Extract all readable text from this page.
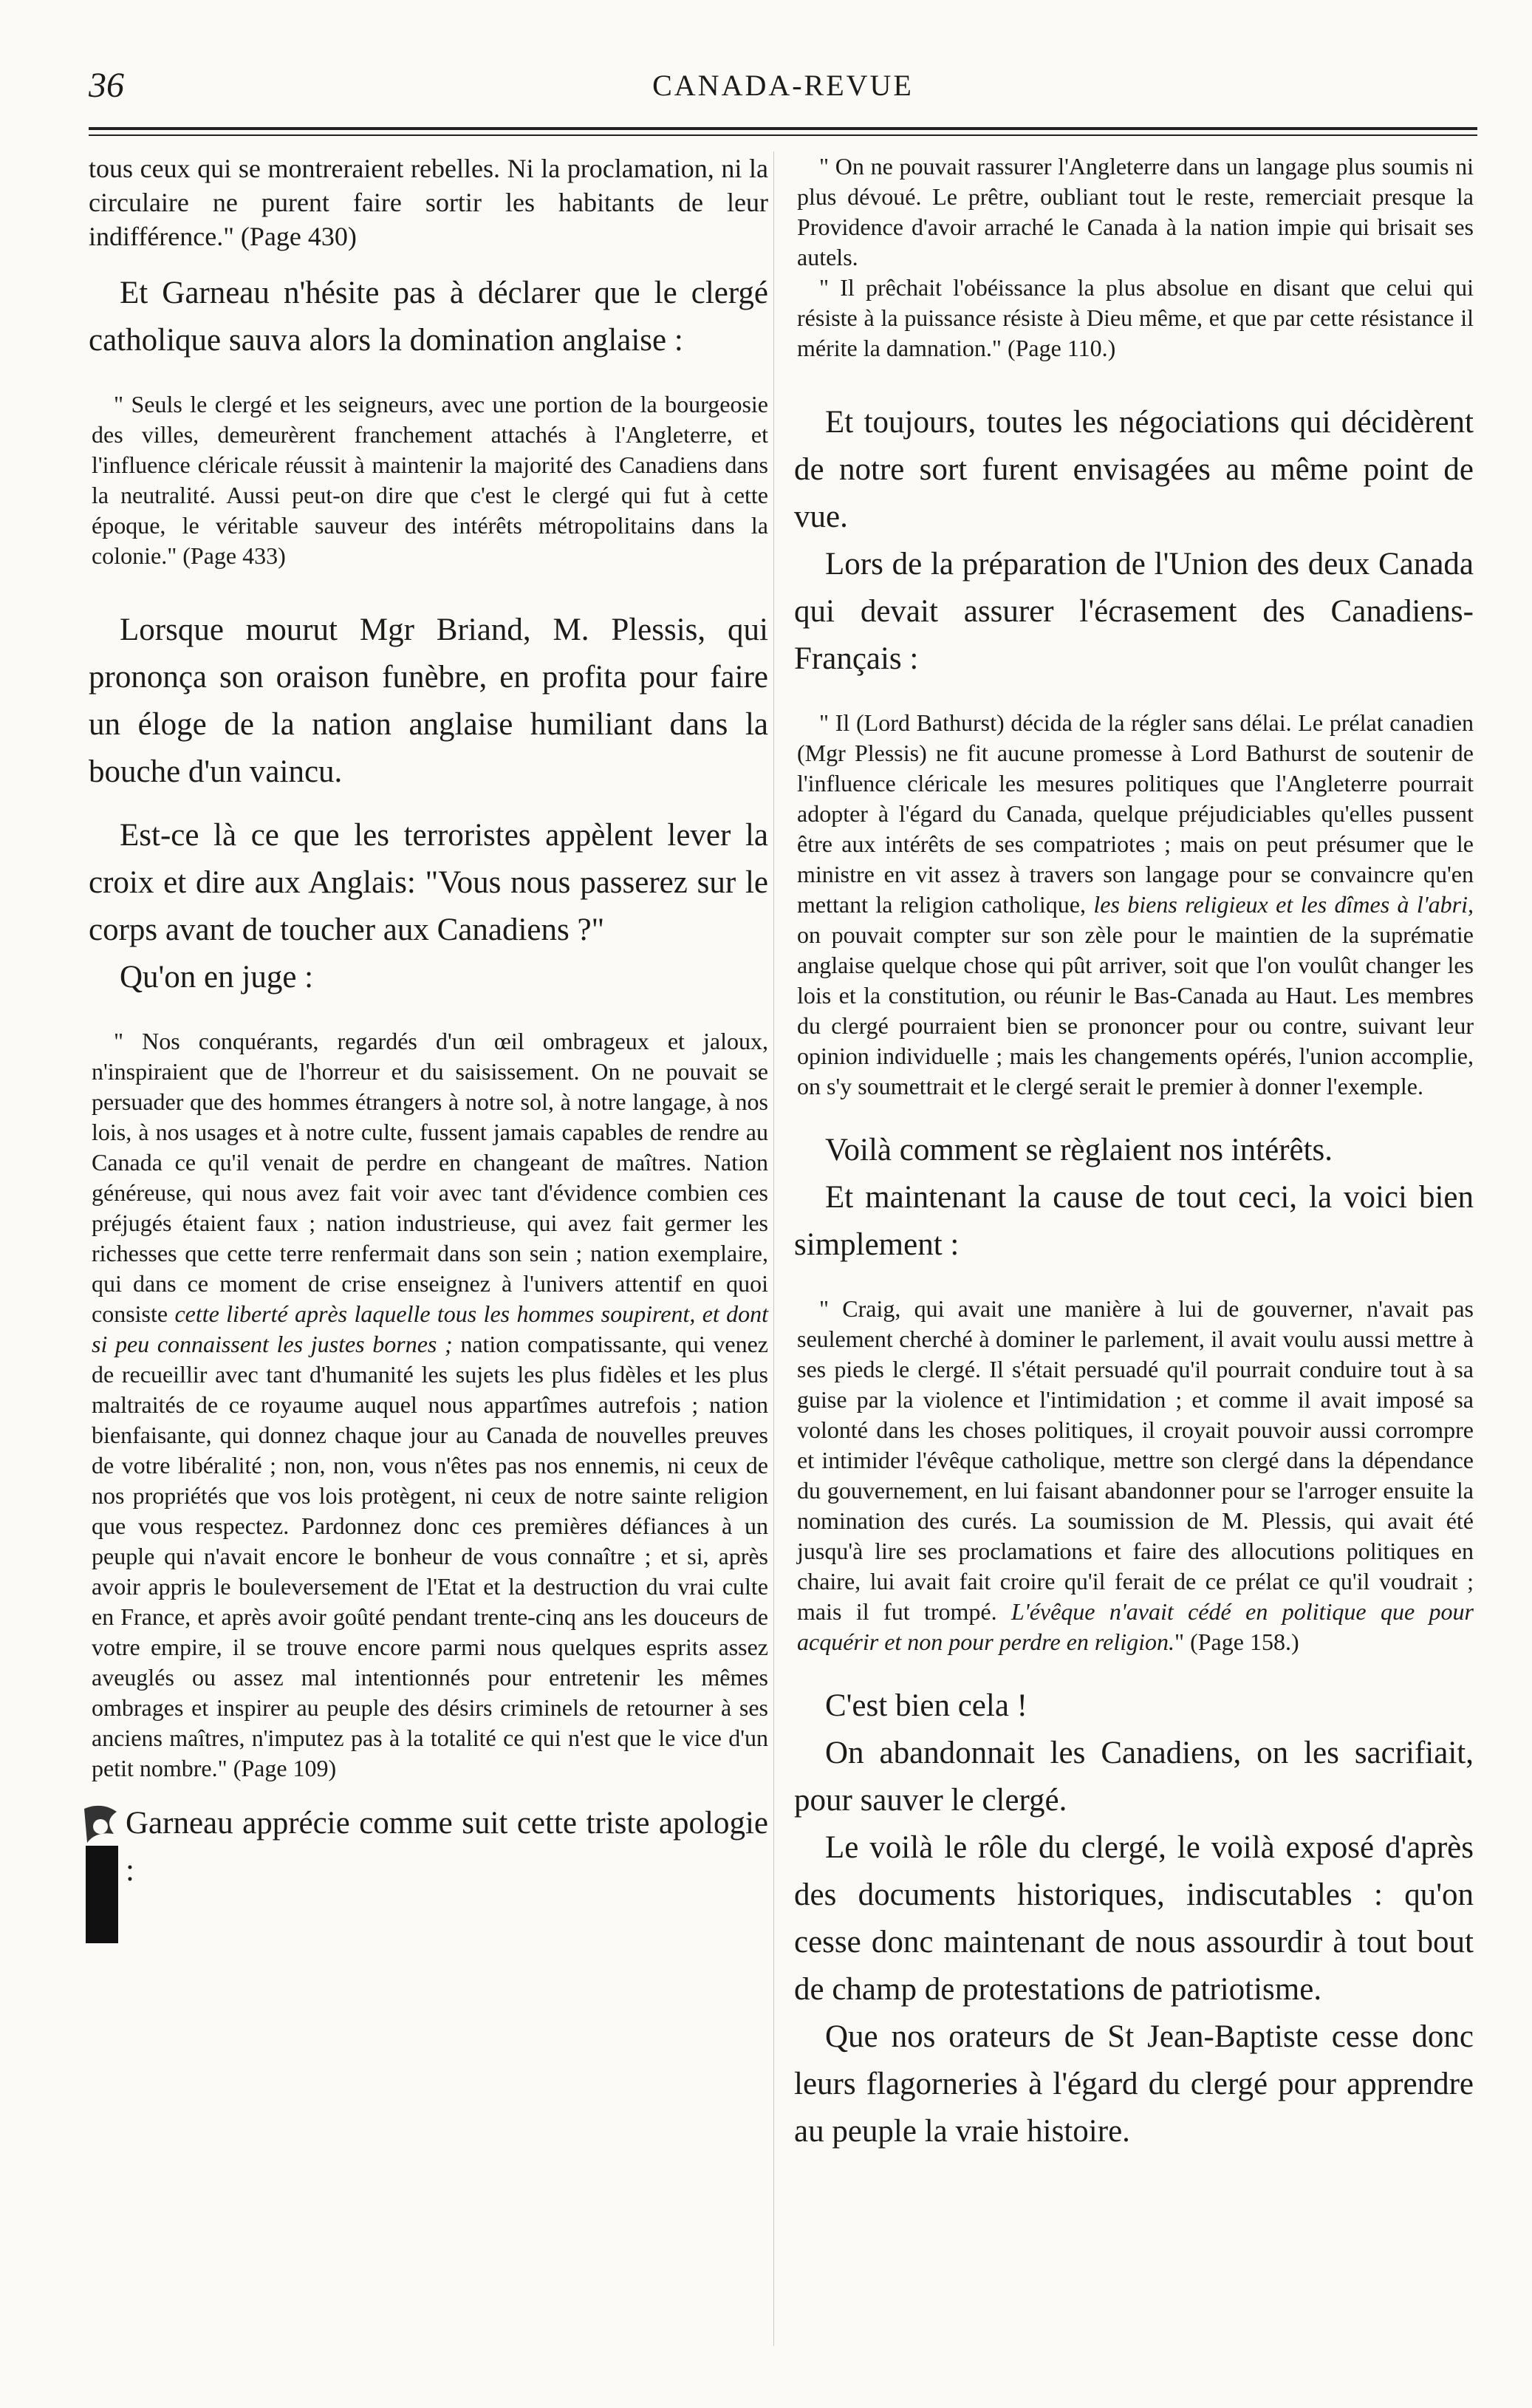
36	CANADA-REVUE

tous ceux qui se montreraient rebelles. Ni la proclamation, ni la circulaire ne purent faire sortir les habitants de leur indifférence." (Page 430)

Et Garneau n'hésite pas à déclarer que le clergé catholique sauva alors la domination anglaise :

" Seuls le clergé et les seigneurs, avec une portion de la bourgeosie des villes, demeurèrent franchement attachés à l'Angleterre, et l'influence cléricale réussit à maintenir la majorité des Canadiens dans la neutralité. Aussi peut-on dire que c'est le clergé qui fut à cette époque, le véritable sauveur des intérêts métropolitains dans la colonie." (Page 433)

Lorsque mourut Mgr Briand, M. Plessis, qui prononça son oraison funèbre, en profita pour faire un éloge de la nation anglaise humiliant dans la bouche d'un vaincu.

Est-ce là ce que les terroristes appèlent lever la croix et dire aux Anglais: "Vous nous passerez sur le corps avant de toucher aux Canadiens ?"

Qu'on en juge :

" Nos conquérants, regardés d'un œil ombrageux et jaloux, n'inspiraient que de l'horreur et du saisissement. On ne pouvait se persuader que des hommes étrangers à notre sol, à notre langage, à nos lois, à nos usages et à notre culte, fussent jamais capables de rendre au Canada ce qu'il venait de perdre en changeant de maîtres. Nation généreuse, qui nous avez fait voir avec tant d'évidence combien ces préjugés étaient faux ; nation industrieuse, qui avez fait germer les richesses que cette terre renfermait dans son sein ; nation exemplaire, qui dans ce moment de crise enseignez à l'univers attentif en quoi consiste cette liberté après laquelle tous les hommes soupirent, et dont si peu connaissent les justes bornes ; nation compatissante, qui venez de recueillir avec tant d'humanité les sujets les plus fidèles et les plus maltraités de ce royaume auquel nous appartîmes autrefois ; nation bienfaisante, qui donnez chaque jour au Canada de nouvelles preuves de votre libéralité ; non, non, vous n'êtes pas nos ennemis, ni ceux de nos propriétés que vos lois protègent, ni ceux de notre sainte religion que vous respectez. Pardonnez donc ces premières défiances à un peuple qui n'avait encore le bonheur de vous connaître ; et si, après avoir appris le bouleversement de l'Etat et la destruction du vrai culte en France, et après avoir goûté pendant trente-cinq ans les douceurs de votre empire, il se trouve encore parmi nous quelques esprits assez aveuglés ou assez mal intentionnés pour entretenir les mêmes ombrages et inspirer au peuple des désirs criminels de retourner à ses anciens maîtres, n'imputez pas à la totalité ce qui n'est que le vice d'un petit nombre." (Page 109)

Garneau apprécie comme suit cette triste apologie :

" On ne pouvait rassurer l'Angleterre dans un langage plus soumis ni plus dévoué. Le prêtre, oubliant tout le reste, remerciait presque la Providence d'avoir arraché le Canada à la nation impie qui brisait ses autels.

" Il prêchait l'obéissance la plus absolue en disant que celui qui résiste à la puissance résiste à Dieu même, et que par cette résistance il mérite la damnation." (Page 110.)

Et toujours, toutes les négociations qui décidèrent de notre sort furent envisagées au même point de vue.

Lors de la préparation de l'Union des deux Canada qui devait assurer l'écrasement des Canadiens-Français :

" Il (Lord Bathurst) décida de la régler sans délai. Le prélat canadien (Mgr Plessis) ne fit aucune promesse à Lord Bathurst de soutenir de l'influence cléricale les mesures politiques que l'Angleterre pourrait adopter à l'égard du Canada, quelque préjudiciables qu'elles pussent être aux intérêts de ses compatriotes ; mais on peut présumer que le ministre en vit assez à travers son langage pour se convaincre qu'en mettant la religion catholique, les biens religieux et les dîmes à l'abri, on pouvait compter sur son zèle pour le maintien de la suprématie anglaise quelque chose qui pût arriver, soit que l'on voulût changer les lois et la constitution, ou réunir le Bas-Canada au Haut. Les membres du clergé pourraient bien se prononcer pour ou contre, suivant leur opinion individuelle ; mais les changements opérés, l'union accomplie, on s'y soumettrait et le clergé serait le premier à donner l'exemple.

Voilà comment se règlaient nos intérêts.

Et maintenant la cause de tout ceci, la voici bien simplement :

" Craig, qui avait une manière à lui de gouverner, n'avait pas seulement cherché à dominer le parlement, il avait voulu aussi mettre à ses pieds le clergé. Il s'était persuadé qu'il pourrait conduire tout à sa guise par la violence et l'intimidation ; et comme il avait imposé sa volonté dans les choses politiques, il croyait pouvoir aussi corrompre et intimider l'évêque catholique, mettre son clergé dans la dépendance du gouvernement, en lui faisant abandonner pour se l'arroger ensuite la nomination des curés. La soumission de M. Plessis, qui avait été jusqu'à lire ses proclamations et faire des allocutions politiques en chaire, lui avait fait croire qu'il ferait de ce prélat ce qu'il voudrait ; mais il fut trompé. L'évêque n'avait cédé en politique que pour acquérir et non pour perdre en religion." (Page 158.)

C'est bien cela !

On abandonnait les Canadiens, on les sacrifiait, pour sauver le clergé.

Le voilà le rôle du clergé, le voilà exposé d'après des documents historiques, indiscutables : qu'on cesse donc maintenant de nous assourdir à tout bout de champ de protestations de patriotisme.

Que nos orateurs de St Jean-Baptiste cesse donc leurs flagorneries à l'égard du clergé pour apprendre au peuple la vraie histoire.
